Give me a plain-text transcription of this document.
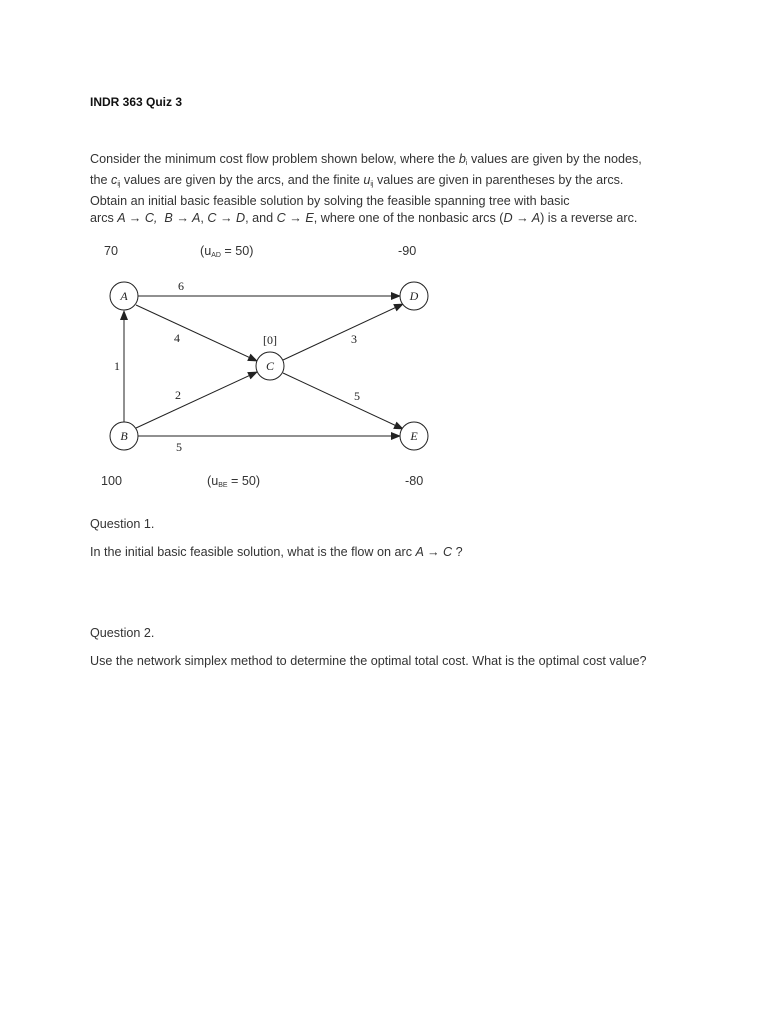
INDR 363 Quiz 3

Consider the minimum cost flow problem shown below, where the $b_i$ values are given by the nodes,
the $c_{ij}$ values are given by the arcs, and the finite $u_{ij}$ values are given in parentheses by the arcs.
Obtain an initial basic feasible solution by solving the feasible spanning tree with basic
arcs A → C, B → A, C → D, and C → E, where one of the nonbasic arcs (D → A) is a reverse arc.

70	$(u_{AD} = 50)$	-90
100	$(u_{BE} = 50)$	-80
A
B
C
D
E
[0]
6
4
1
2
3
5
5
Question 1.
In the initial basic feasible solution, what is the flow on arc A → C ?
Question 2.
Use the network simplex method to determine the optimal total cost. What is the optimal cost value?
